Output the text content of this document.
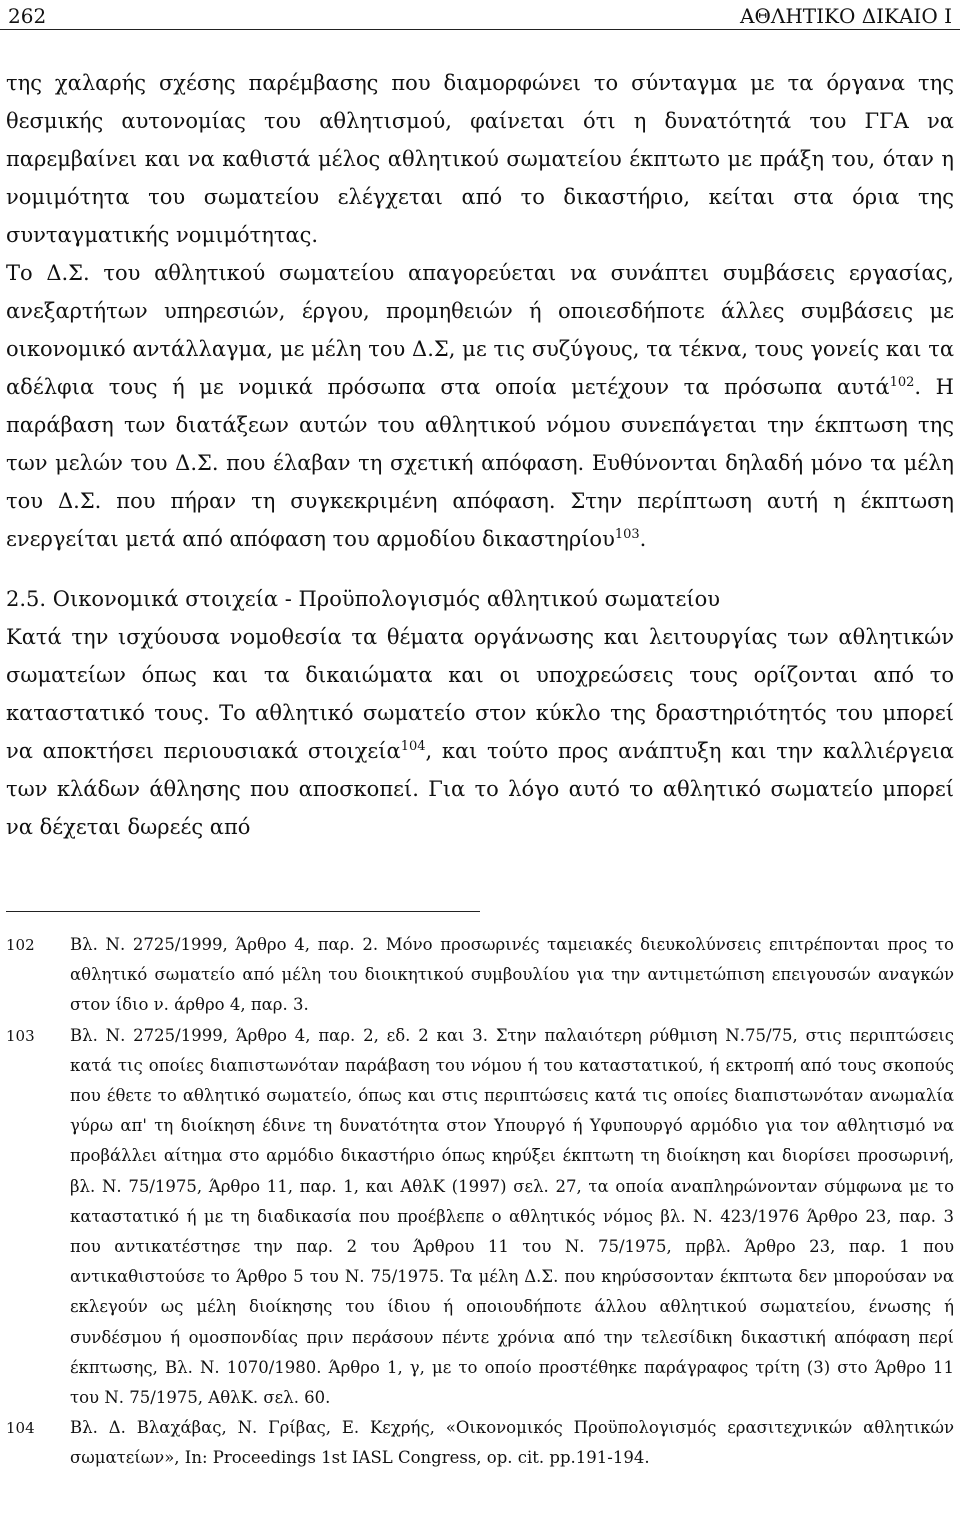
262	ΑΘΛΗΤΙΚΟ ΔΙΚΑΙΟ Ι

της χαλαρής σχέσης παρέμβασης που διαμορφώνει το σύνταγμα με τα όργανα της θεσμικής αυτονομίας του αθλητισμού, φαίνεται ότι η δυνατότητά του ΓΓΑ να παρεμβαίνει και να καθιστά μέλος αθλητικού σωματείου έκπτωτο με πράξη του, όταν η νομιμότητα του σωματείου ελέγχεται από το δικαστήριο, κείται στα όρια της συνταγματικής νομιμότητας.

Το Δ.Σ. του αθλητικού σωματείου απαγορεύεται να συνάπτει συμβάσεις εργασίας, ανεξαρτήτων υπηρεσιών, έργου, προμηθειών ή οποιεσδήποτε άλλες συμβάσεις με οικονομικό αντάλλαγμα, με μέλη του Δ.Σ, με τις συζύγους, τα τέκνα, τους γονείς και τα αδέλφια τους ή με νομικά πρόσωπα στα οποία μετέχουν τα πρόσωπα αυτά$^{102}$. Η παράβαση των διατάξεων αυτών του αθλητικού νόμου συνεπάγεται την έκπτωση της των μελών του Δ.Σ. που έλαβαν τη σχετική απόφαση. Ευθύνονται δηλαδή μόνο τα μέλη του Δ.Σ. που πήραν τη συγκεκριμένη απόφαση. Στην περίπτωση αυτή η έκπτωση ενεργείται μετά από απόφαση του αρμοδίου δικαστηρίου$^{103}$.

2.5. Οικονομικά στοιχεία - Προϋπολογισμός αθλητικού σωματείου

Κατά την ισχύουσα νομοθεσία τα θέματα οργάνωσης και λειτουργίας των αθλητικών σωματείων όπως και τα δικαιώματα και οι υποχρεώσεις τους ορίζονται από το καταστατικό τους. Το αθλητικό σωματείο στον κύκλο της δραστηριότητός του μπορεί να αποκτήσει περιουσιακά στοιχεία$^{104}$, και τούτο προς ανάπτυξη και την καλλιέργεια των κλάδων άθλησης που αποσκοπεί. Για το λόγο αυτό το αθλητικό σωματείο μπορεί να δέχεται δωρεές από

102 Βλ. Ν. 2725/1999, Άρθρο 4, παρ. 2. Μόνο προσωρινές ταμειακές διευκολύνσεις επιτρέπονται προς το αθλητικό σωματείο από μέλη του διοικητικού συμβουλίου για την αντιμετώπιση επειγουσών αναγκών στον ίδιο ν. άρθρο 4, παρ. 3.

103 Βλ. Ν. 2725/1999, Άρθρο 4, παρ. 2, εδ. 2 και 3. Στην παλαιότερη ρύθμιση Ν.75/75, στις περιπτώσεις κατά τις οποίες διαπιστωνόταν παράβαση του νόμου ή του καταστατικού, ή εκτροπή από τους σκοπούς που έθετε το αθλητικό σωματείο, όπως και στις περιπτώσεις κατά τις οποίες διαπιστωνόταν ανωμαλία γύρω απ' τη διοίκηση έδινε τη δυνατότητα στον Υπουργό ή Υφυπουργό αρμόδιο για τον αθλητισμό να προβάλλει αίτημα στο αρμόδιο δικαστήριο όπως κηρύξει έκπτωτη τη διοίκηση και διορίσει προσωρινή, βλ. Ν. 75/1975, Άρθρο 11, παρ. 1, και ΑθλΚ (1997) σελ. 27, τα οποία αναπληρώνονταν σύμφωνα με το καταστατικό ή με τη διαδικασία που προέβλεπε ο αθλητικός νόμος βλ. Ν. 423/1976 Άρθρο 23, παρ. 3 που αντικατέστησε την παρ. 2 του Άρθρου 11 του Ν. 75/1975, πρβλ. Άρθρο 23, παρ. 1 που αντικαθιστούσε το Άρθρο 5 του Ν. 75/1975. Τα μέλη Δ.Σ. που κηρύσσονταν έκπτωτα δεν μπορούσαν να εκλεγούν ως μέλη διοίκησης του ίδιου ή οποιουδήποτε άλλου αθλητικού σωματείου, ένωσης ή συνδέσμου ή ομοσπονδίας πριν περάσουν πέντε χρόνια από την τελεσίδικη δικαστική απόφαση περί έκπτωσης, Βλ. Ν. 1070/1980. Άρθρο 1, γ, με το οποίο προστέθηκε παράγραφος τρίτη (3) στο Άρθρο 11 του Ν. 75/1975, ΑθλΚ. σελ. 60.

104 Βλ. Δ. Βλαχάβας, Ν. Γρίβας, Ε. Κεχρής, «Οικονομικός Προϋπολογισμός ερασιτεχνικών αθλητικών σωματείων», In: Proceedings 1st IASL Congress, op. cit. pp.191-194.
